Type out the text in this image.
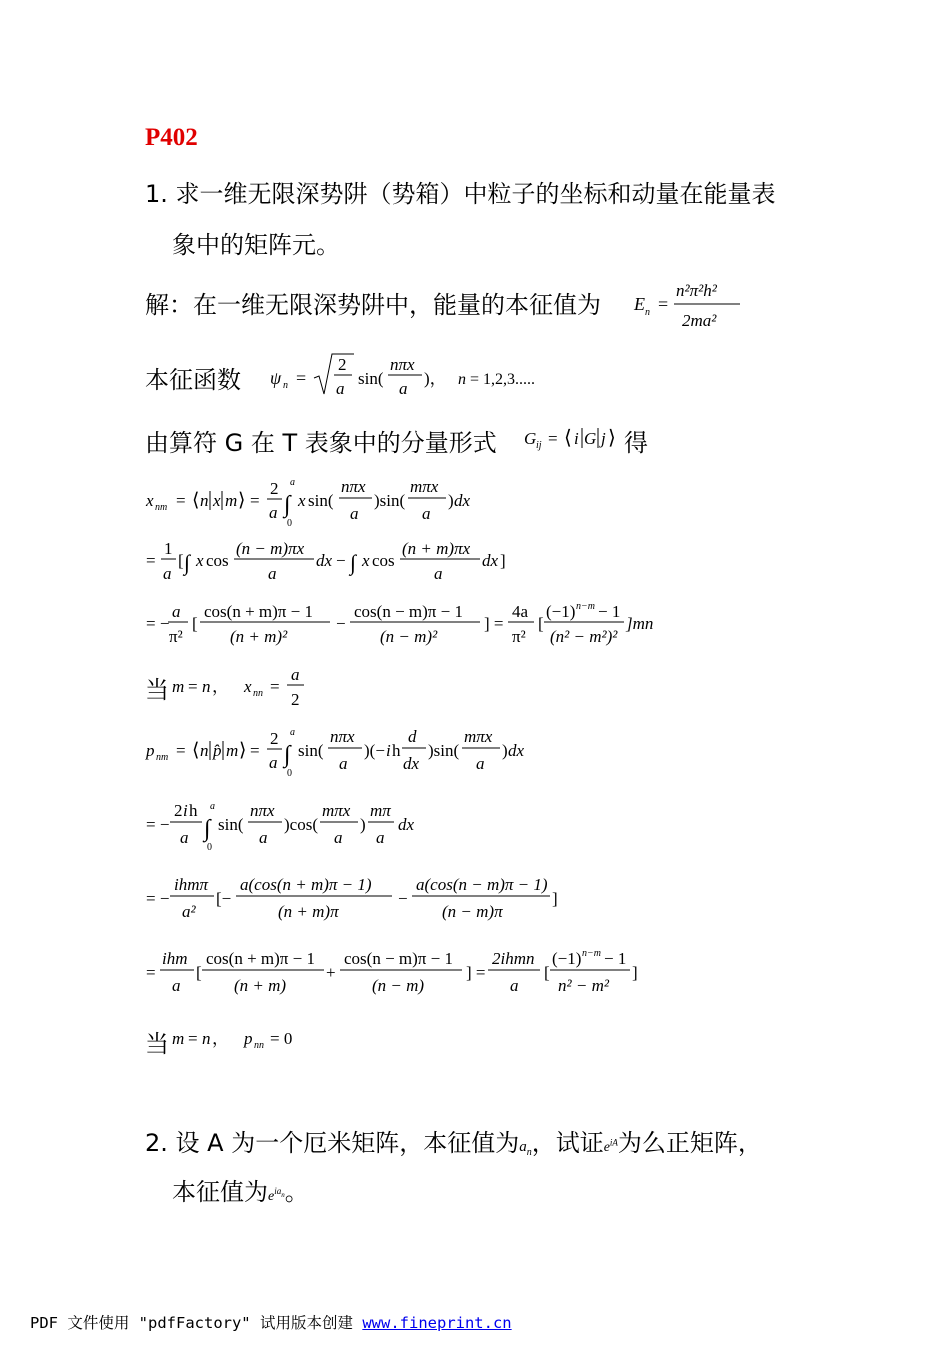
P402
1. 求一维无限深势阱（势箱）中粒子的坐标和动量在能量表
象中的矩阵元。
解：在一维无限深势阱中，能量的本征值为 E n =
n²π²h²
2ma²
本征函数 ψ n =
2
a
sin(
nπx
a
)， n = 1,2,3.....
由算符 G 在 T 表象中的分量形式 G ij = ⟨ i G j ⟩ 得
x nm = ⟨ n x m ⟩ =
2
a
a
∫
0
x sin(
nπx
a
)sin(
mπx
a
) dx
=
1
a
[ ∫ x cos
(n − m)πx
a
dx − ∫ x cos
(n + m)πx
a
dx ]
= −
a
π²
[
cos(n + m)π − 1
(n + m)²
−
cos(n − m)π − 1
(n − m)²
] =
4a
π²
[
(−1) n−m − 1
(n² − m²)²
]mn
当 m = n ， x nn =
a
2
p nm = ⟨ n p̂ m ⟩ =
2
a
a
∫
0
sin(
nπx
a
)(− i h
d
dx
)sin(
mπx
a
) dx
= −
2 i h
a
a
∫
0
sin(
nπx
a
)cos(
mπx
a
)
mπ
a
dx
= −
ihmπ
a²
[−
a(cos(n + m)π − 1)
(n + m)π
−
a(cos(n − m)π − 1)
(n − m)π
]
=
ihm
a
[
cos(n + m)π − 1
(n + m)
+
cos(n − m)π − 1
(n − m)
] =
2ihmn
a
[
(−1) n−m − 1
n² − m²
]
当 m = n ， p nn = 0
2. 设 A 为一个厄米矩阵，本征值为$a_n$，试证$e^{iA}$为么正矩阵，
本征值为$e^{ia_n}$。
PDF 文件使用 "pdfFactory" 试用版本创建 www.fineprint.cn
